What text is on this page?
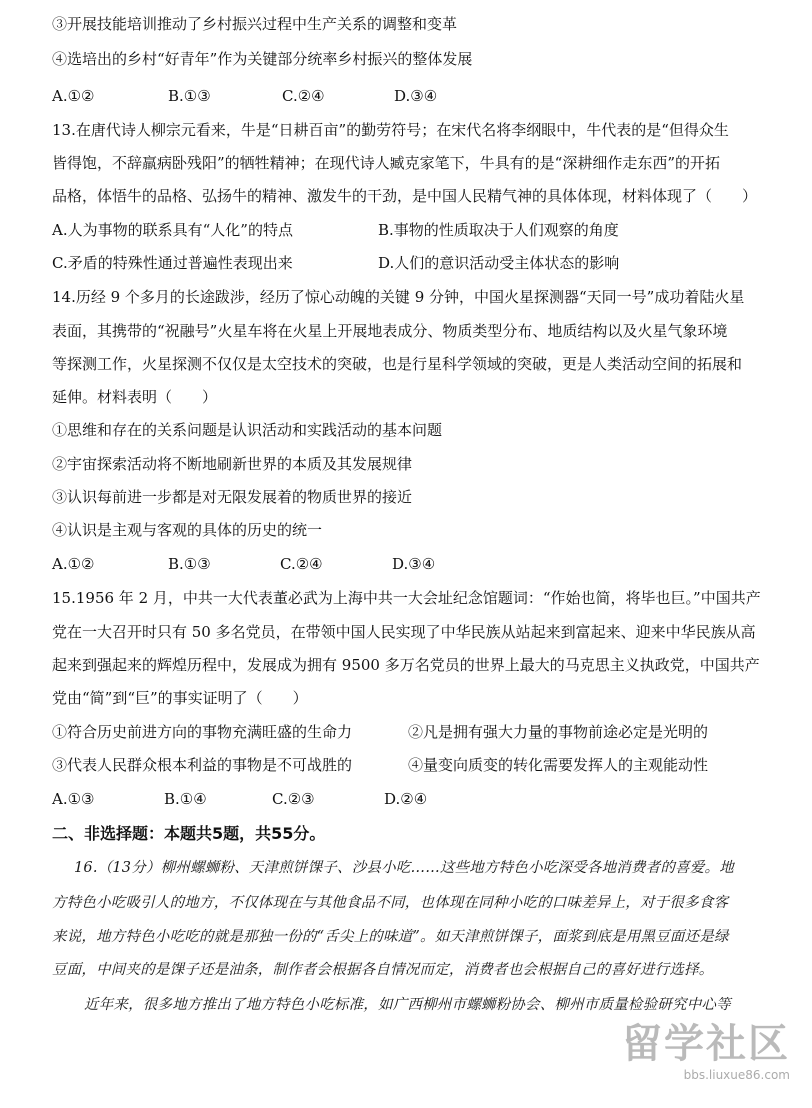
③开展技能培训推动了乡村振兴过程中生产关系的调整和变革
④选培出的乡村“好青年”作为关键部分统率乡村振兴的整体发展
A.①②	B.①③	C.②④	D.③④
13.在唐代诗人柳宗元看来，牛是“日耕百亩”的勤劳符号；在宋代名将李纲眼中，牛代表的是“但得众生
皆得饱，不辞羸病卧残阳”的牺牲精神；在现代诗人臧克家笔下，牛具有的是“深耕细作走东西”的开拓
品格，体悟牛的品格、弘扬牛的精神、激发牛的干劲，是中国人民精气神的具体体现，材料体现了（　　）
A.人为事物的联系具有“人化”的特点	B.事物的性质取决于人们观察的角度
C.矛盾的特殊性通过普遍性表现出来	D.人们的意识活动受主体状态的影响
14.历经 9 个多月的长途跋涉，经历了惊心动魄的关键 9 分钟，中国火星探测器“天同一号”成功着陆火星
表面，其携带的“祝融号”火星车将在火星上开展地表成分、物质类型分布、地质结构以及火星气象环境
等探测工作，火星探测不仅仅是太空技术的突破，也是行星科学领域的突破，更是人类活动空间的拓展和
延伸。材料表明（　　）
①思维和存在的关系问题是认识活动和实践活动的基本问题
②宇宙探索活动将不断地刷新世界的本质及其发展规律
③认识每前进一步都是对无限发展着的物质世界的接近
④认识是主观与客观的具体的历史的统一
A.①②	B.①③	C.②④	D.③④
15.1956 年 2 月，中共一大代表董必武为上海中共一大会址纪念馆题词：“作始也简，将毕也巨。”中国共产
党在一大召开时只有 50 多名党员，在带领中国人民实现了中华民族从站起来到富起来、迎来中华民族从高
起来到强起来的辉煌历程中，发展成为拥有 9500 多万名党员的世界上最大的马克思主义执政党，中国共产
党由“简”到“巨”的事实证明了（　　）
①符合历史前进方向的事物充满旺盛的生命力	②凡是拥有强大力量的事物前途必定是光明的
③代表人民群众根本利益的事物是不可战胜的	④量变向质变的转化需要发挥人的主观能动性
A.①③	B.①④	C.②③	D.②④
二、非选择题：本题共5题，共55分。
16.（13分）柳州螺蛳粉、天津煎饼馃子、沙县小吃……这些地方特色小吃深受各地消费者的喜爱。地
方特色小吃吸引人的地方，不仅体现在与其他食品不同，也体现在同种小吃的口味差异上，对于很多食客
来说，地方特色小吃吃的就是那独一份的“舌尖上的味道”。如天津煎饼馃子，面浆到底是用黑豆面还是绿
豆面，中间夹的是馃子还是油条，制作者会根据各自情况而定，消费者也会根据自己的喜好进行选择。
近年来，很多地方推出了地方特色小吃标准，如广西柳州市螺蛳粉协会、柳州市质量检验研究中心等
留学社区
bbs.liuxue86.com
